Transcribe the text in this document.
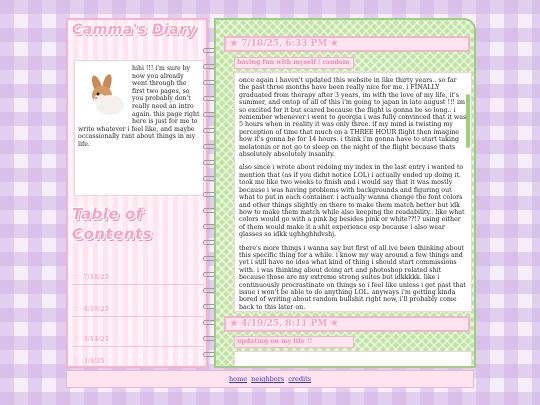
Camma's Diary
hihi !!! i'm sure by now you already went through the first two pages, so you probably don't really need an intro again. this page right here is just for me to write whatever i feel like, and maybe occassionally rant about things in my life.
Table of Contents
♡ 7/18/25
♡ 4/19/25
♡ 3/14/25
♡ 3/1/25
★ 7/18/25, 6:33 PM ★
having fun with myself / random

once again i haven't updated this website in like thirty years.. so far the past three months have been really nice for me. i FINALLY graduated from therapy after 3 years, im with the love of my life, it's summer, and ontop of all of this i'm going to japan in late august !!! im so excited for it but scared because the flight is gonna be so long.. i remember whenever i went to georgia i was fully convinced that it was 5 hours when in reality it was only three. if my mind is twisting my perception of time that much on a THREE HOUR flight then imagine how it's gonna be for 14 hours. i think i'm gonna have to start taking melatonin or not go to sleep on the night of the flight because thats absolutely absolutely insanity.

also since i wrote about redoing my index in the last entry i wanted to mention that (as if you didnt notice LOL) i actually ended up doing it. took me like two weeks to finish and i would say that it was mostly because i was having problems with backgrounds and figuring out what to put in each container. i actually wanna change the font colors and other things slightly on there to make them match better but idk how to make them match while also keeping the readability.. like what colors would go with a pink bg besides pink or white??!? using either of them would make it a shit experience esp because i also wear glasses so idkk ughhghhdvshj.

there's more things i wanna say but first of all ive been thinking about this specific thing for a while. i know my way around a few things and yet i still have no idea what kind of thing i should start commissions with. i was thinking about doing art and photoshop related shit because those are my extreme strong suites but idkkkkk. like i continuously procrastinate on things so i feel like unless i get past that issue i won't be able to do anything LOL. anyways i'm getting kinda bored of writing about random bullshit right now, i'll probably come back to this later on.

★ 4/19/25, 8:11 PM ★
updating on my life !!
home neighbors credits
